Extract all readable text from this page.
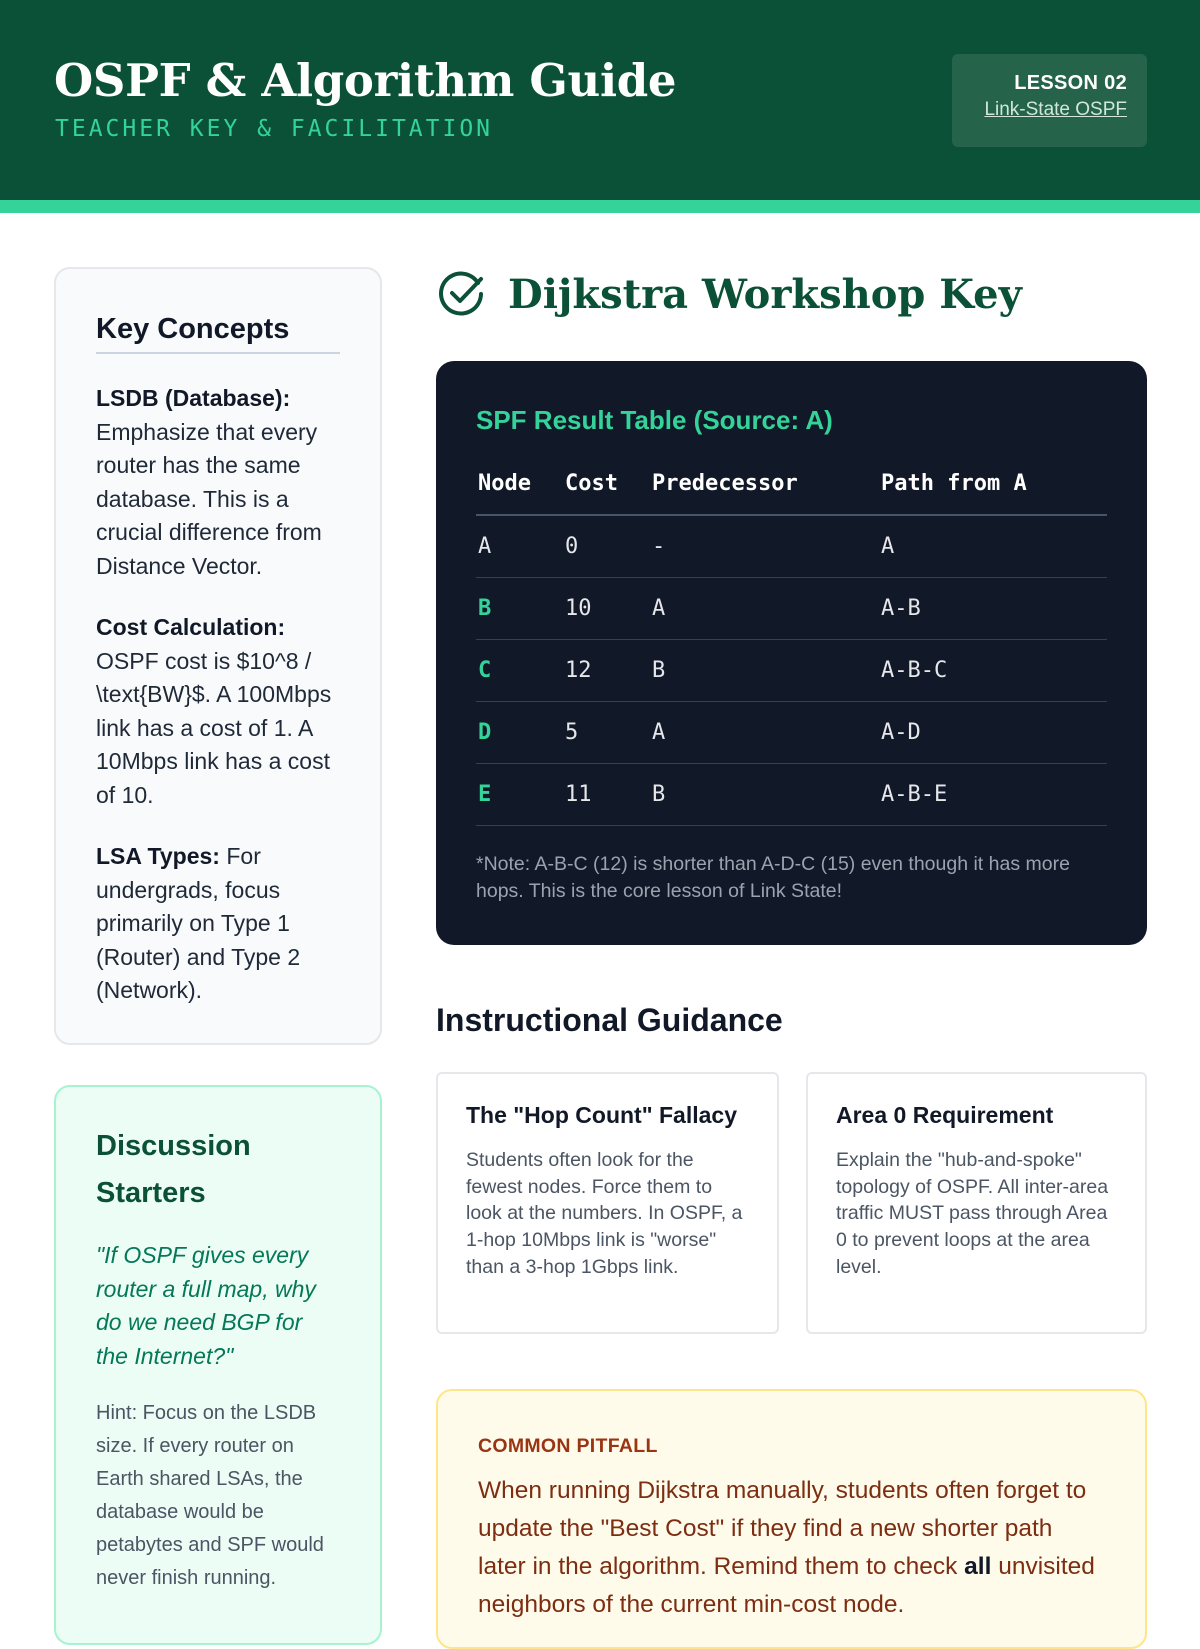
OSPF & Algorithm Guide
TEACHER KEY & FACILITATION
LESSON 02
Link-State OSPF
Key Concepts
LSDB (Database): Emphasize that every router has the same database. This is a crucial difference from Distance Vector.
Cost Calculation: OSPF cost is $10^8 / \text{BW}$. A 100Mbps link has a cost of 1. A 10Mbps link has a cost of 10.
LSA Types: For undergrads, focus primarily on Type 1 (Router) and Type 2 (Network).
Discussion Starters
"If OSPF gives every router a full map, why do we need BGP for the Internet?"
Hint: Focus on the LSDB size. If every router on Earth shared LSAs, the database would be petabytes and SPF would never finish running.
Dijkstra Workshop Key
SPF Result Table (Source: A)
Node	Cost	Predecessor	Path from A
A	0	-	A
B	10	A	A-B
C	12	B	A-B-C
D	5	A	A-D
E	11	B	A-B-E
*Note: A-B-C (12) is shorter than A-D-C (15) even though it has more hops. This is the core lesson of Link State!
Instructional Guidance
The "Hop Count" Fallacy

Students often look for the fewest nodes. Force them to look at the numbers. In OSPF, a 1-hop 10Mbps link is "worse" than a 3-hop 1Gbps link.

Area 0 Requirement

Explain the "hub-and-spoke" topology of OSPF. All inter-area traffic MUST pass through Area 0 to prevent loops at the area level.

COMMON PITFALL
When running Dijkstra manually, students often forget to update the "Best Cost" if they find a new shorter path later in the algorithm. Remind them to check all unvisited neighbors of the current min-cost node.
